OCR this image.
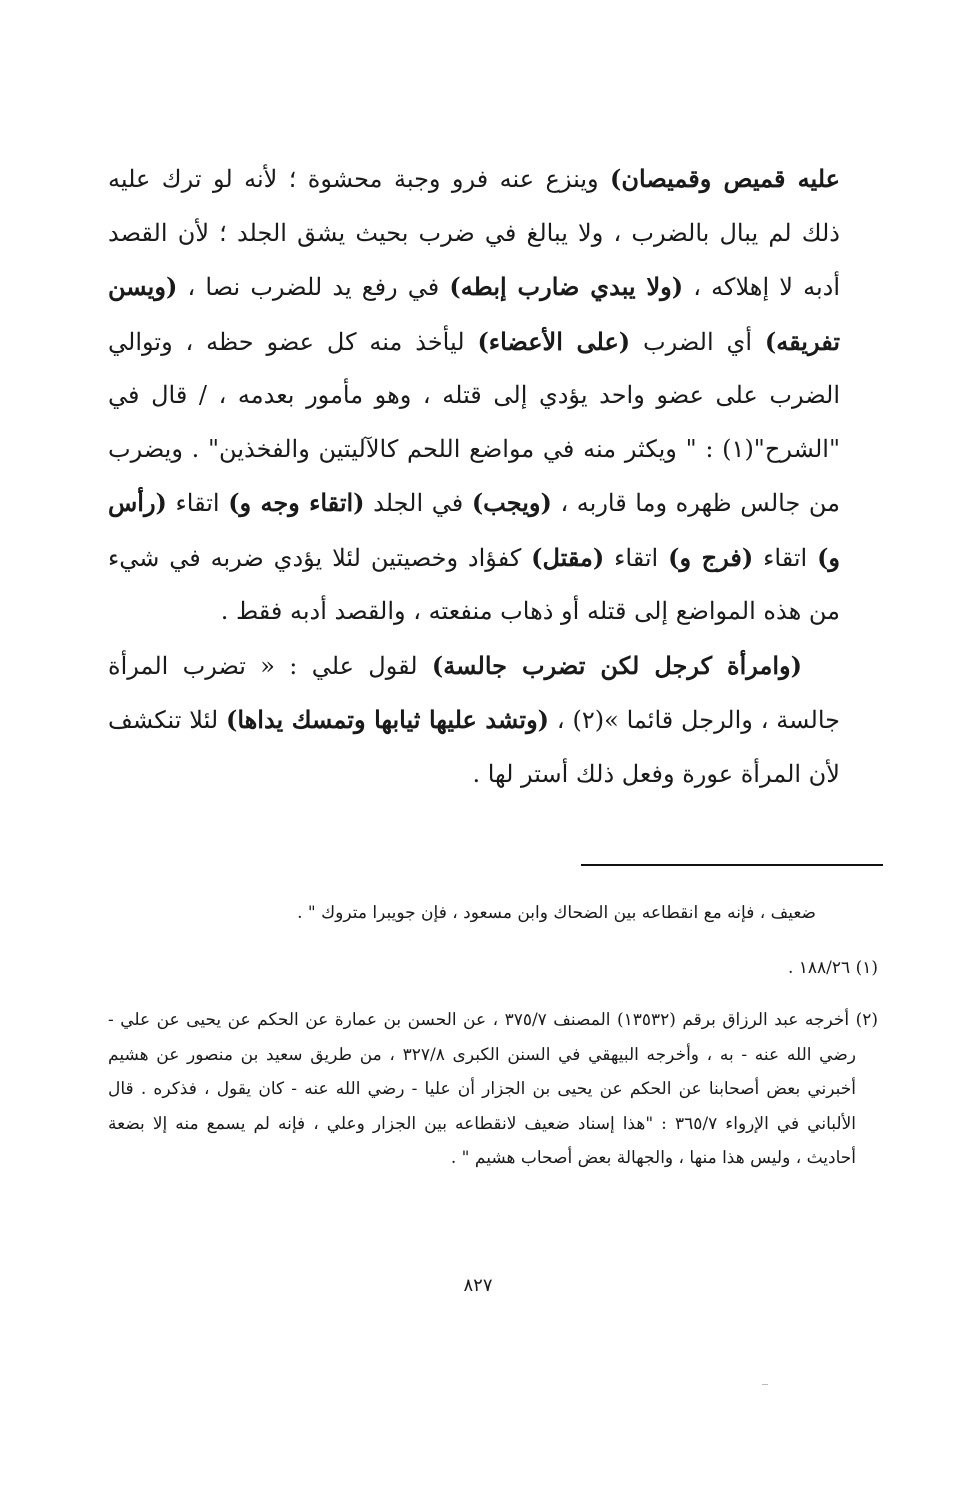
عليه قميص وقميصان) وينزع عنه فرو وجبة محشوة ؛ لأنه لو ترك عليه ذلك لم يبال بالضرب ، ولا يبالغ في ضرب بحيث يشق الجلد ؛ لأن القصد أدبه لا إهلاكه ، (ولا يبدي ضارب إبطه) في رفع يد للضرب نصا ، (ويسن تفريقه) أي الضرب (على الأعضاء) ليأخذ منه كل عضو حظه ، وتوالي الضرب على عضو واحد يؤدي إلى قتله ، وهو مأمور بعدمه ، / قال في "الشرح"(١) : " ويكثر منه في مواضع اللحم كالآليتين والفخذين" . ويضرب من جالس ظهره وما قاربه ، (ويجب) في الجلد (اتقاء وجه و) اتقاء (رأس و) اتقاء (فرج و) اتقاء (مقتل) كفؤاد وخصيتين لئلا يؤدي ضربه في شيء من هذه المواضع إلى قتله أو ذهاب منفعته ، والقصد أدبه فقط .

(وامرأة كرجل لكن تضرب جالسة) لقول علي : « تضرب المرأة جالسة ، والرجل قائما »(٢) ، (وتشد عليها ثيابها وتمسك يداها) لئلا تنكشف لأن المرأة عورة وفعل ذلك أستر لها .

ضعيف ، فإنه مع انقطاعه بين الضحاك وابن مسعود ، فإن جويبرا متروك " .

(١) ١٨٨/٢٦ .

(٢) أخرجه عبد الرزاق برقم (١٣٥٣٢) المصنف ٣٧٥/٧ ، عن الحسن بن عمارة عن الحكم عن يحيى عن علي - رضي الله عنه - به ، وأخرجه البيهقي في السنن الكبرى ٣٢٧/٨ ، من طريق سعيد بن منصور عن هشيم أخبرني بعض أصحابنا عن الحكم عن يحيى بن الجزار أن عليا - رضي الله عنه - كان يقول ، فذكره . قال الألباني في الإرواء ٣٦٥/٧ : "هذا إسناد ضعيف لانقطاعه بين الجزار وعلي ، فإنه لم يسمع منه إلا بضعة أحاديث ، وليس هذا منها ، والجهالة بعض أصحاب هشيم " .

٨٢٧
